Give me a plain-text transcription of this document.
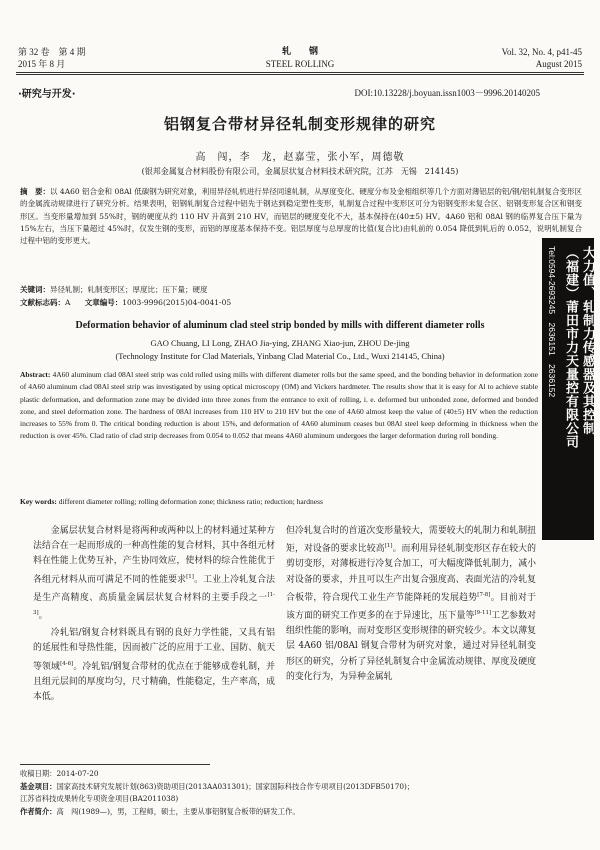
第 32 卷　第 4 期
2015 年 8 月
轧　　钢
STEEL ROLLING
Vol. 32, No. 4, p41-45
August 2015
·研究与开发·	DOI:10.13228/j.boyuan.issn1003－9996.20140205
铝钢复合带材异径轧制变形规律的研究
高　闯，李　龙，赵嘉莹，张小军，周德敬
(银邦金属复合材料股份有限公司，金属层状复合材料技术研究院，江苏　无锡　214145)
摘　要：以 4A60 铝合金和 08Al 低碳钢为研究对象，利用异径轧机进行异径同速轧制，从厚度变化、硬度分布及金相组织等几个方面对薄铝层的铝/钢/铝轧制复合变形区的金属流动规律进行了研究分析。结果表明，铝钢轧制复合过程中铝先于钢达到稳定塑性变形，轧制复合过程中变形区可分为铝钢变形未复合区、铝钢变形复合区和钢变形区。当变形量增加到 55%时，钢的硬度从约 110 HV 升高到 210 HV，而铝层的硬度变化不大，基本保持在(40±5) HV。4A60 铝和 08Al 钢的临界复合压下量为 15%左右，当压下量超过 45%时，仅发生钢的变形，而铝的厚度基本保持不变。铝层厚度与总厚度的比值(复合比)由轧前的 0.054 降低到轧后的 0.052，说明轧制复合过程中铝的变形更大。
关键词：异径轧制；轧制变形区；厚度比；压下量；硬度
文献标志码：A 文章编号：1003-9996(2015)04-0041-05
Deformation behavior of aluminum clad steel strip bonded by mills with different diameter rolls
GAO Chuang, LI Long, ZHAO Jia-ying, ZHANG Xiao-jun, ZHOU De-jing
(Technology Institute for Clad Materials, Yinbang Clad Material Co., Ltd., Wuxi 214145, China)
Abstract: 4A60 aluminum clad 08Al steel strip was cold rolled using mills with different diameter rolls but the same speed, and the bonding behavior in deformation zone of 4A60 aluminum clad 08Al steel strip was investigated by using optical microscopy (OM) and Vickers hardmeter. The results show that it is easy for Al to achieve stable plastic deformation, and deformation zone may be divided into three zones from the entrance to exit of rolling, i. e. deformed but unbonded zone, deformed and bonded zone, and steel deformation zone. The hardness of 08Al increases from 110 HV to 210 HV but the one of 4A60 almost keep the value of (40±5) HV when the reduction increases to 55% from 0. The critical bonding reduction is about 15%, and deformation of 4A60 aluminum ceases but 08Al steel keep deforming in thickness when the reduction is over 45%. Clad ratio of clad strip decreases from 0.054 to 0.052 that means 4A60 aluminum undergoes the larger deformation during roll bonding.
Key words: different diameter rolling; rolling deformation zone; thickness ratio; reduction; hardness
大力值、轧制力传感器及其控制
（福建）莆田市力天量控有限公司
Tel:0594-2693245　2636151　2636152

金属层状复合材料是将两种或两种以上的材料通过某种方法结合在一起而形成的一种高性能的复合材料，其中各组元材料在性能上优势互补，产生协同效应，使材料的综合性能优于各组元材料从而可满足不同的性能要求[1]。工业上冷轧复合法是生产高精度、高质量金属层状复合材料的主要手段之一[1-3]。

冷轧铝/钢复合材料既具有钢的良好力学性能，又具有铝的延展性和导热性能，因而被广泛的应用于工业、国防、航天等领域[4-6]。冷轧铝/钢复合带材的优点在于能够成卷轧制，并且组元层间的厚度均匀，尺寸精确，性能稳定，生产率高，成本低。

但冷轧复合时的首道次变形量较大，需要较大的轧制力和轧制扭矩，对设备的要求比较高[1]。而利用异径轧制变形区存在较大的剪切变形，对薄板进行冷复合加工，可大幅度降低轧制力，减小对设备的要求，并且可以生产出复合强度高、表面光洁的冷轧复合板带，符合现代工业生产节能降耗的发展趋势[7-8]。目前对于该方面的研究工作更多的在于异速比，压下量等[9-11]工艺参数对组织性能的影响，而对变形区变形规律的研究较少。本文以薄复层 4A60 铝/08Al 钢复合带材为研究对象，通过对异径轧制变形区的研究，分析了异径轧制复合中金属流动规律、厚度及硬度的变化行为，为异种金属轧

收稿日期：2014-07-20
基金项目：国家高技术研究发展计划(863)资助项目(2013AA031301)；国家国际科技合作专项项目(2013DFB50170)；
江苏省科技成果转化专项资金项目(BA2011038)
作者简介：高　闯(1989—)，男，工程师，硕士，主要从事铝钢复合板带的研发工作。
